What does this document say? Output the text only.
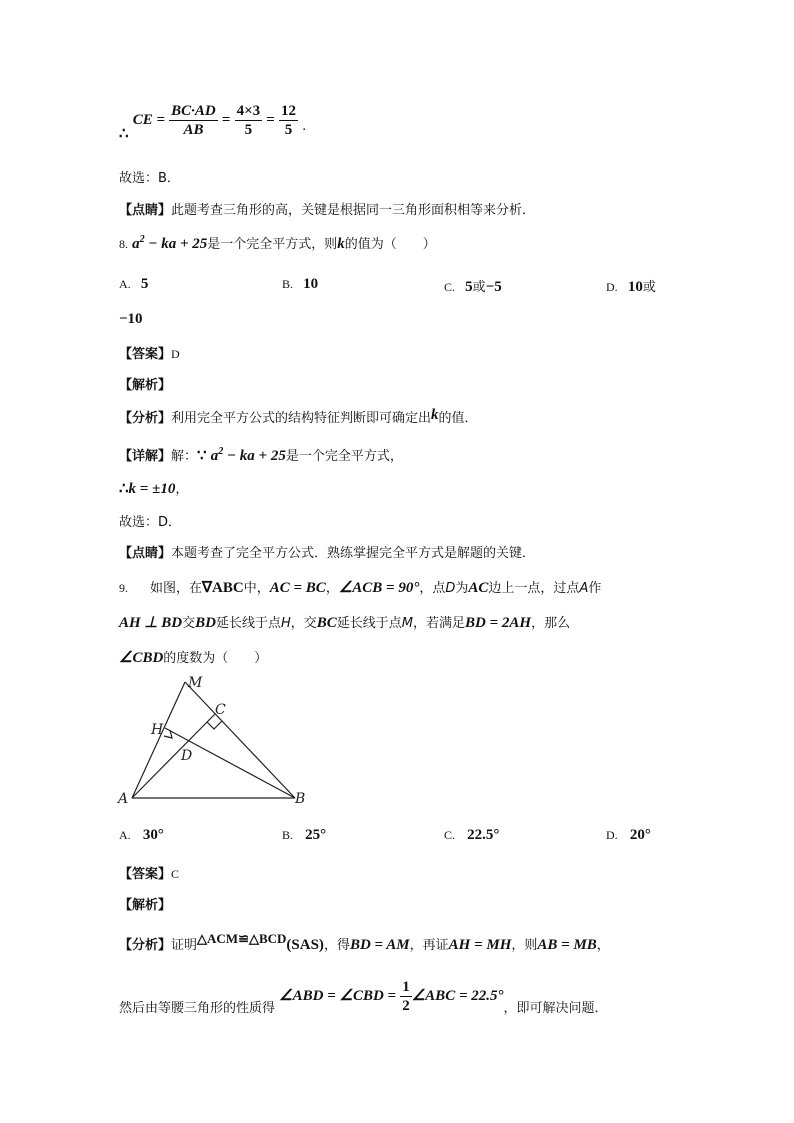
∴ CE = $\frac{BC\cdot AD}{AB} = \frac{4\times 3}{5} = \frac{12}{5}$ .
故选：B．
【点睛】此题考查三角形的高，关键是根据同一三角形面积相等来分析．
8. $a^2$ − ka + 25是一个完全平方式，则k的值为（　　）
A. 5	B. 10	C. 5或−5	D. 10或
−10
【答案】D
【解析】
【分析】利用完全平方公式的结构特征判断即可确定出k的值．
【详解】解：∵ $a^2$ − ka + 25是一个完全平方式，
∴k = ±10，
故选：D．
【点睛】本题考查了完全平方公式．熟练掌握完全平方式是解题的关键．
9. 如图，在∇ABC中，AC = BC，∠ACB = 90°，点D为AC边上一点，过点A作
AH ⊥ BD交BD延长线于点H，交BC延长线于点M，若满足BD = 2AH，那么
∠CBD的度数为（　　）
M
C
H
D
A	B
A. 30°	B. 25°	C. 22.5°	D. 20°
【答案】C
【解析】
【分析】证明△ACM≌△BCD(SAS)，得BD = AM，再证AH = MH，则AB = MB，
然后由等腰三角形的性质得 ∠ABD = ∠CBD = $\frac{1}{2}$ ∠ABC = 22.5°，即可解决问题．
